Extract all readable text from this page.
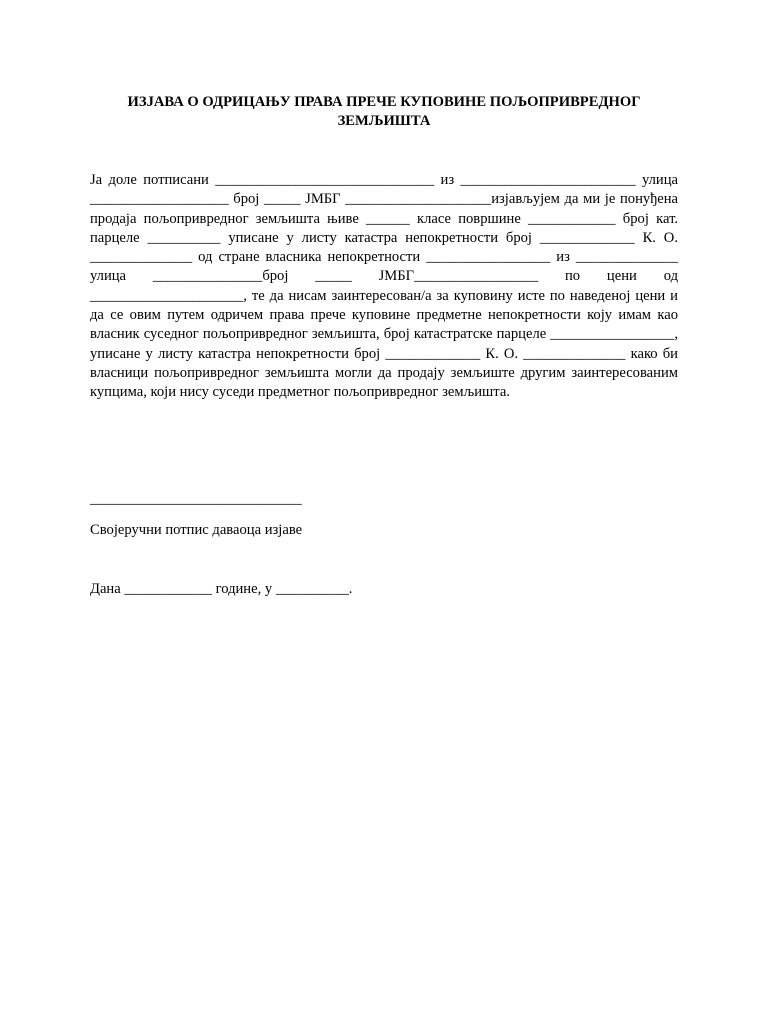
ИЗЈАВА О ОДРИЦАЊУ ПРАВА ПРЕЧЕ КУПОВИНЕ ПОЉОПРИВРЕДНОГ ЗЕМЉИШТА

Ја доле потписани ______________________________ из ________________________ улица ___________________ број _____ ЈМБГ ____________________изјављујем да ми је понуђена продаја пољопривредног земљишта њиве ______ класе површине ____________ број кат. парцеле __________ уписане у листу катастра непокретности број _____________ К. О. ______________ од стране власника непокретности _________________ из ______________ улица _______________број _____ ЈМБГ_________________ по цени од _____________________, те да нисам заинтересован/а за куповину исте по наведеној цени и да се овим путем одричем права прече куповине предметне непокретности коју имам као власник суседног пољопривредног земљишта, број катастратске парцеле _________________, уписане у листу катастра непокретности број _____________ К. О. ______________ како би власници пољопривредног земљишта могли да продају земљиште другим заинтересованим купцима, који нису суседи предметног пољопривредног земљишта.

_____________________________

Својеручни потпис даваоца изјаве

Дана ____________ године, у __________.
